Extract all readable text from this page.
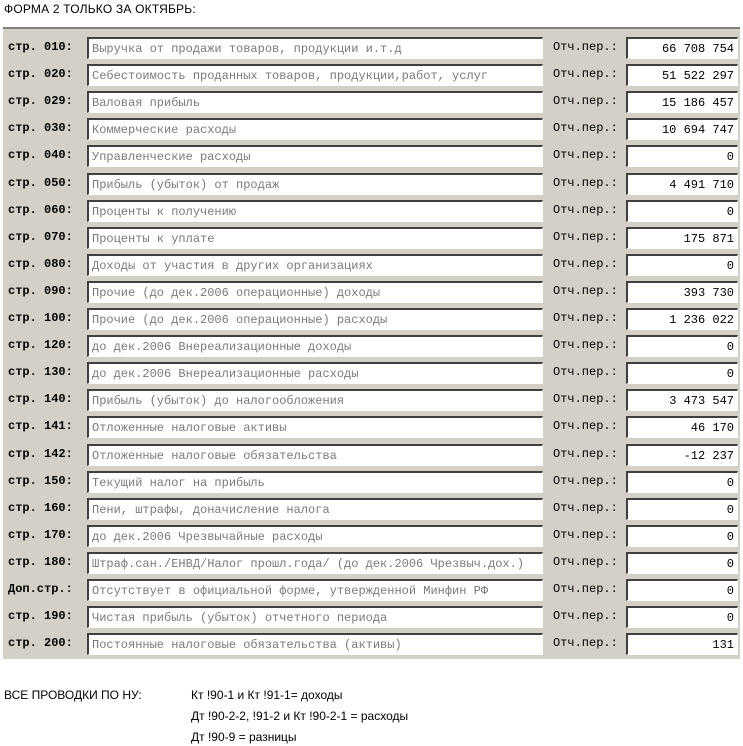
ФОРМА 2 ТОЛЬКО ЗА ОКТЯБРЬ:
стр. 010:	Выручка от продажи товаров, продукции и.т.д	Отч.пер.:	66 708 754
стр. 020:	Себестоимость проданных товаров, продукции,работ, услуг	Отч.пер.:	51 522 297
стр. 029:	Валовая прибыль	Отч.пер.:	15 186 457
стр. 030:	Коммерческие расходы	Отч.пер.:	10 694 747
стр. 040:	Управленческие расходы	Отч.пер.:	0
стр. 050:	Прибыль (убыток) от продаж	Отч.пер.:	4 491 710
стр. 060:	Проценты к получению	Отч.пер.:	0
стр. 070:	Проценты к уплате	Отч.пер.:	175 871
стр. 080:	Доходы от участия в других организациях	Отч.пер.:	0
стр. 090:	Прочие (до дек.2006 операционные) доходы	Отч.пер.:	393 730
стр. 100:	Прочие (до дек.2006 операционные) расходы	Отч.пер.:	1 236 022
стр. 120:	до дек.2006 Внереализационные доходы	Отч.пер.:	0
стр. 130:	до дек.2006 Внереализационные расходы	Отч.пер.:	0
стр. 140:	Прибыль (убыток) до налогообложения	Отч.пер.:	3 473 547
стр. 141:	Отложенные налоговые активы	Отч.пер.:	46 170
стр. 142:	Отложенные налоговые обязательства	Отч.пер.:	-12 237
стр. 150:	Текущий налог на прибыль	Отч.пер.:	0
стр. 160:	Пени, штрафы, доначисление налога	Отч.пер.:	0
стр. 170:	до дек.2006 Чрезвычайные расходы	Отч.пер.:	0
стр. 180:	Штраф.сан./ЕНВД/Налог прошл.года/ (до дек.2006 Чрезвыч.дох.)	Отч.пер.:	0
Доп.стр.:	Отсутствует в официальной форме, утвержденной Минфин РФ	Отч.пер.:	0
стр. 190:	Чистая прибыль (убыток) отчетного периода	Отч.пер.:	0
стр. 200:	Постоянные налоговые обязательства (активы)	Отч.пер.:	131
ВСЕ ПРОВОДКИ ПО НУ:	Кт !90-1 и Кт !91-1= доходы
Дт !90-2-2, !91-2 и Кт !90-2-1 = расходы
Дт !90-9 = разницы
